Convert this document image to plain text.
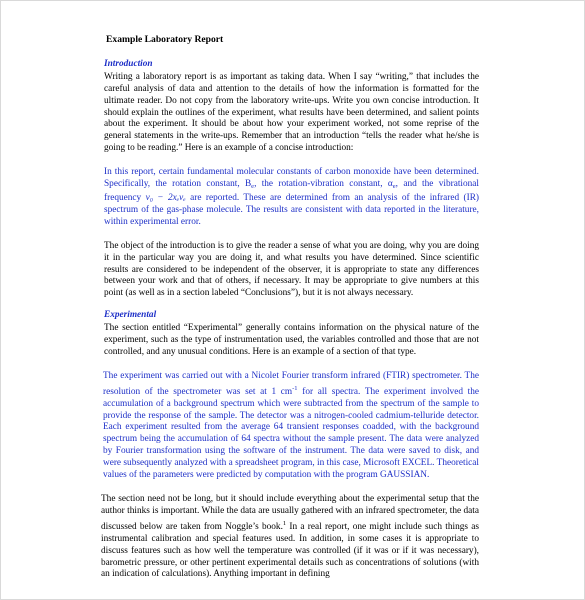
Example Laboratory Report
Introduction

Writing a laboratory report is as important as taking data. When I say “writing,” that includes the careful analysis of data and attention to the details of how the information is formatted for the ultimate reader. Do not copy from the laboratory write-ups. Write you own concise introduction. It should explain the outlines of the experiment, what results have been determined, and salient points about the experiment. It should be about how your experiment worked, not some reprise of the general statements in the write-ups. Remember that an introduction “tells the reader what he/she is going to be reading.” Here is an example of a concise introduction:

In this report, certain fundamental molecular constants of carbon monoxide have been determined. Specifically, the rotation constant, $B_e$, the rotation-vibration constant, $\alpha_e$, and the vibrational frequency ν₀ − 2xₑνₑ are reported. These are determined from an analysis of the infrared (IR) spectrum of the gas-phase molecule. The results are consistent with data reported in the literature, within experimental error.

The object of the introduction is to give the reader a sense of what you are doing, why you are doing it in the particular way you are doing it, and what results you have determined. Since scientific results are considered to be independent of the observer, it is appropriate to state any differences between your work and that of others, if necessary. It may be appropriate to give numbers at this point (as well as in a section labeled “Conclusions”), but it is not always necessary.

Experimental

The section entitled “Experimental” generally contains information on the physical nature of the experiment, such as the type of instrumentation used, the variables controlled and those that are not controlled, and any unusual conditions. Here is an example of a section of that type.

The experiment was carried out with a Nicolet Fourier transform infrared (FTIR) spectrometer. The resolution of the spectrometer was set at 1 $cm^{-1}$ for all spectra. The experiment involved the accumulation of a background spectrum which were subtracted from the spectrum of the sample to provide the response of the sample. The detector was a nitrogen-cooled cadmium-telluride detector. Each experiment resulted from the average 64 transient responses coadded, with the background spectrum being the accumulation of 64 spectra without the sample present. The data were analyzed by Fourier transformation using the software of the instrument. The data were saved to disk, and were subsequently analyzed with a spreadsheet program, in this case, Microsoft EXCEL. Theoretical values of the parameters were predicted by computation with the program GAUSSIAN.

The section need not be long, but it should include everything about the experimental setup that the author thinks is important. While the data are usually gathered with an infrared spectrometer, the data discussed below are taken from Noggle’s book.$^1$ In a real report, one might include such things as instrumental calibration and special features used. In addition, in some cases it is appropriate to discuss features such as how well the temperature was controlled (if it was or if it was necessary), barometric pressure, or other pertinent experimental details such as concentrations of solutions (with an indication of calculations). Anything important in defining
